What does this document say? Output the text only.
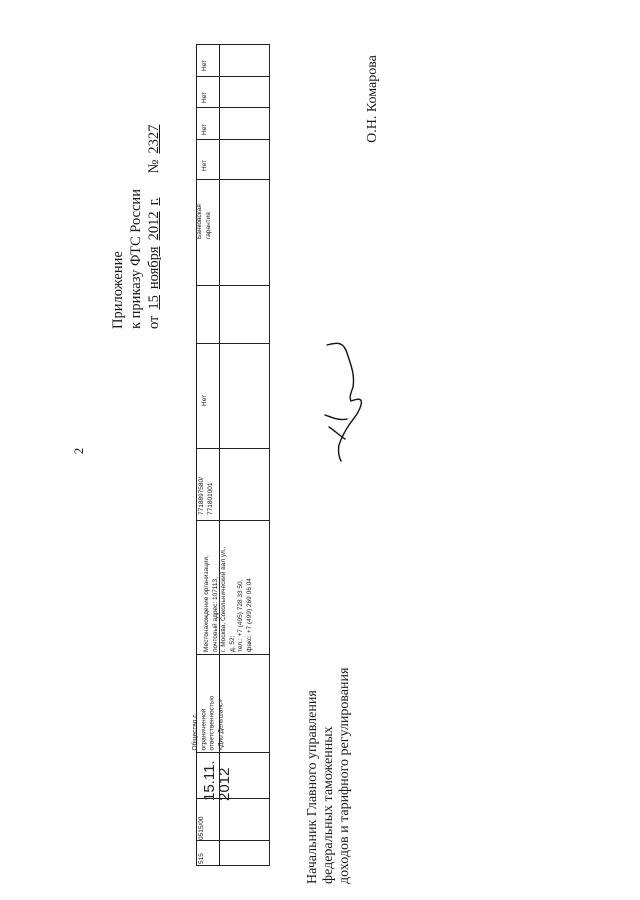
2
Приложение к приказу ФТС России от15ноября2012г.№2327
Нет
Нет
Нет
Нет
Банковская
гарантия
Нет
7718897580/
771801001
Местонахождение организации,
почтовый адрес: 107113,
г. Москва, Сокольнический вал ул.,
д. 52;
тел.: +7 (495) 728 33 50,
факс: +7 (499) 269 06 04
Общество с
ограниченной
ответственностью
«Дио Дельшанс»
15.11.
2012
0515/00
515	Начальник Главного управления федеральных таможенных доходов и тарифного регулирования
О.Н. Комарова
